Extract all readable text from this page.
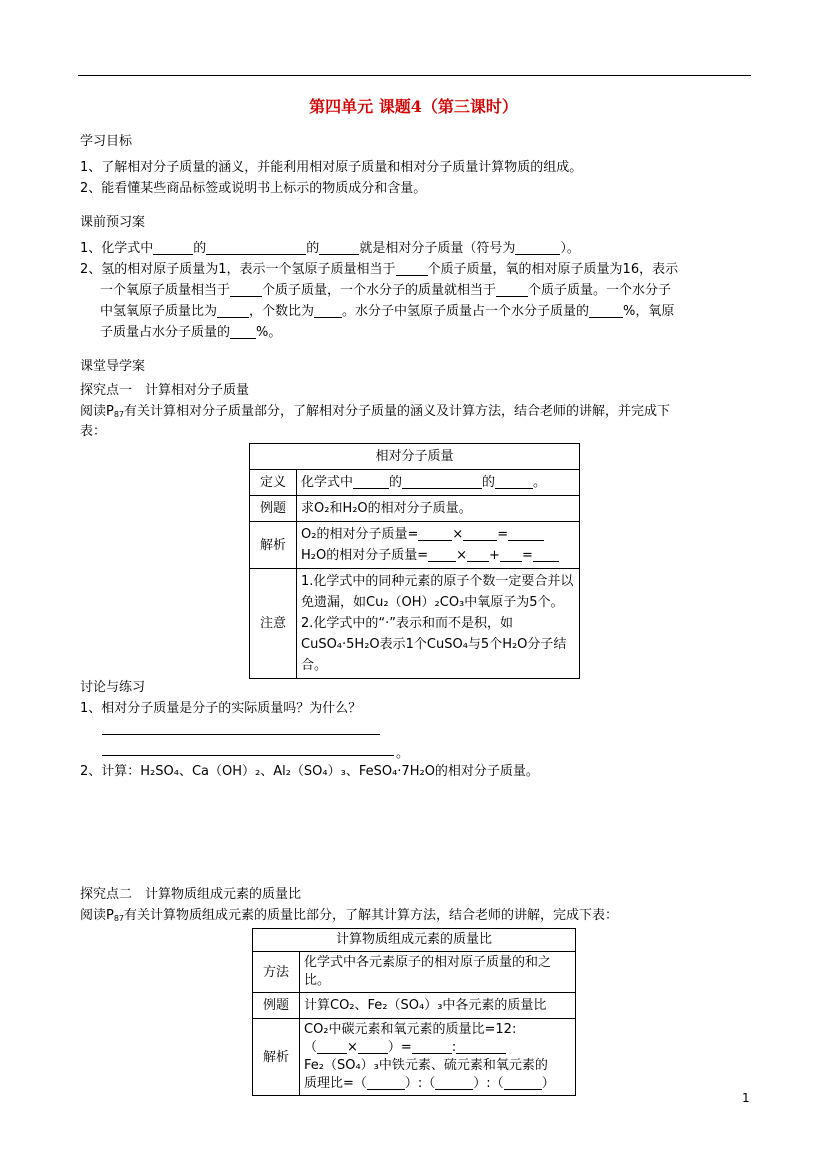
第四单元 课题4（第三课时）
学习目标
1、了解相对分子质量的涵义，并能利用相对原子质量和相对分子质量计算物质的组成。
2、能看懂某些商品标签或说明书上标示的物质成分和含量。
课前预习案
1、化学式中	的	的	就是相对分子质量（符号为	）。
2、氢的相对原子质量为1，表示一个氢原子质量相当于 个质子质量，氧的相对原子质量为16，表示
一个氧原子质量相当于 个质子质量，一个水分子的质量就相当于 个质子质量。一个水分子
中氢氧原子质量比为 ，个数比为 。水分子中氢原子质量占一个水分子质量的	%，氧原
子质量占水分子质量的 %。
课堂导学案
探究点一　计算相对分子质量
阅读$P_{87}$有关计算相对分子质量部分，了解相对分子质量的涵义及计算方法，结合老师的讲解，并完成下
表：
相对分子质量	
定义	化学式中 的 的 。
例题	求O₂和H₂O的相对分子质量。
解析	O₂的相对分子质量= × =
H₂O的相对分子质量= × + =

注意	1.化学式中的同种元素的原子个数一定要合并以免遗漏，如Cu₂（OH）₂CO₃中氧原子为5个。
2.化学式中的“·”表示和而不是积，如CuSO₄·5H₂O表示1个CuSO₄与5个H₂O分子结合。
讨论与练习
1、相对分子质量是分子的实际质量吗？为什么？
。
2、计算：H₂SO₄、Ca（OH）₂、Al₂（SO₄）₃、FeSO₄·7H₂O的相对分子质量。
探究点二　计算物质组成元素的质量比
阅读$P_{87}$有关计算物质组成元素的质量比部分，了解其计算方法，结合老师的讲解，完成下表：
计算物质组成元素的质量比	
方法	化学式中各元素原子的相对原子质量的和之比。
例题	计算CO₂、Fe₂（SO₄）₃中各元素的质量比
解析	CO₂中碳元素和氧元素的质量比=12:
（ × ）= :
Fe₂（SO₄）₃中铁元素、硫元素和氧元素的
质理比=（ ）:（ ）:（ ）
1
